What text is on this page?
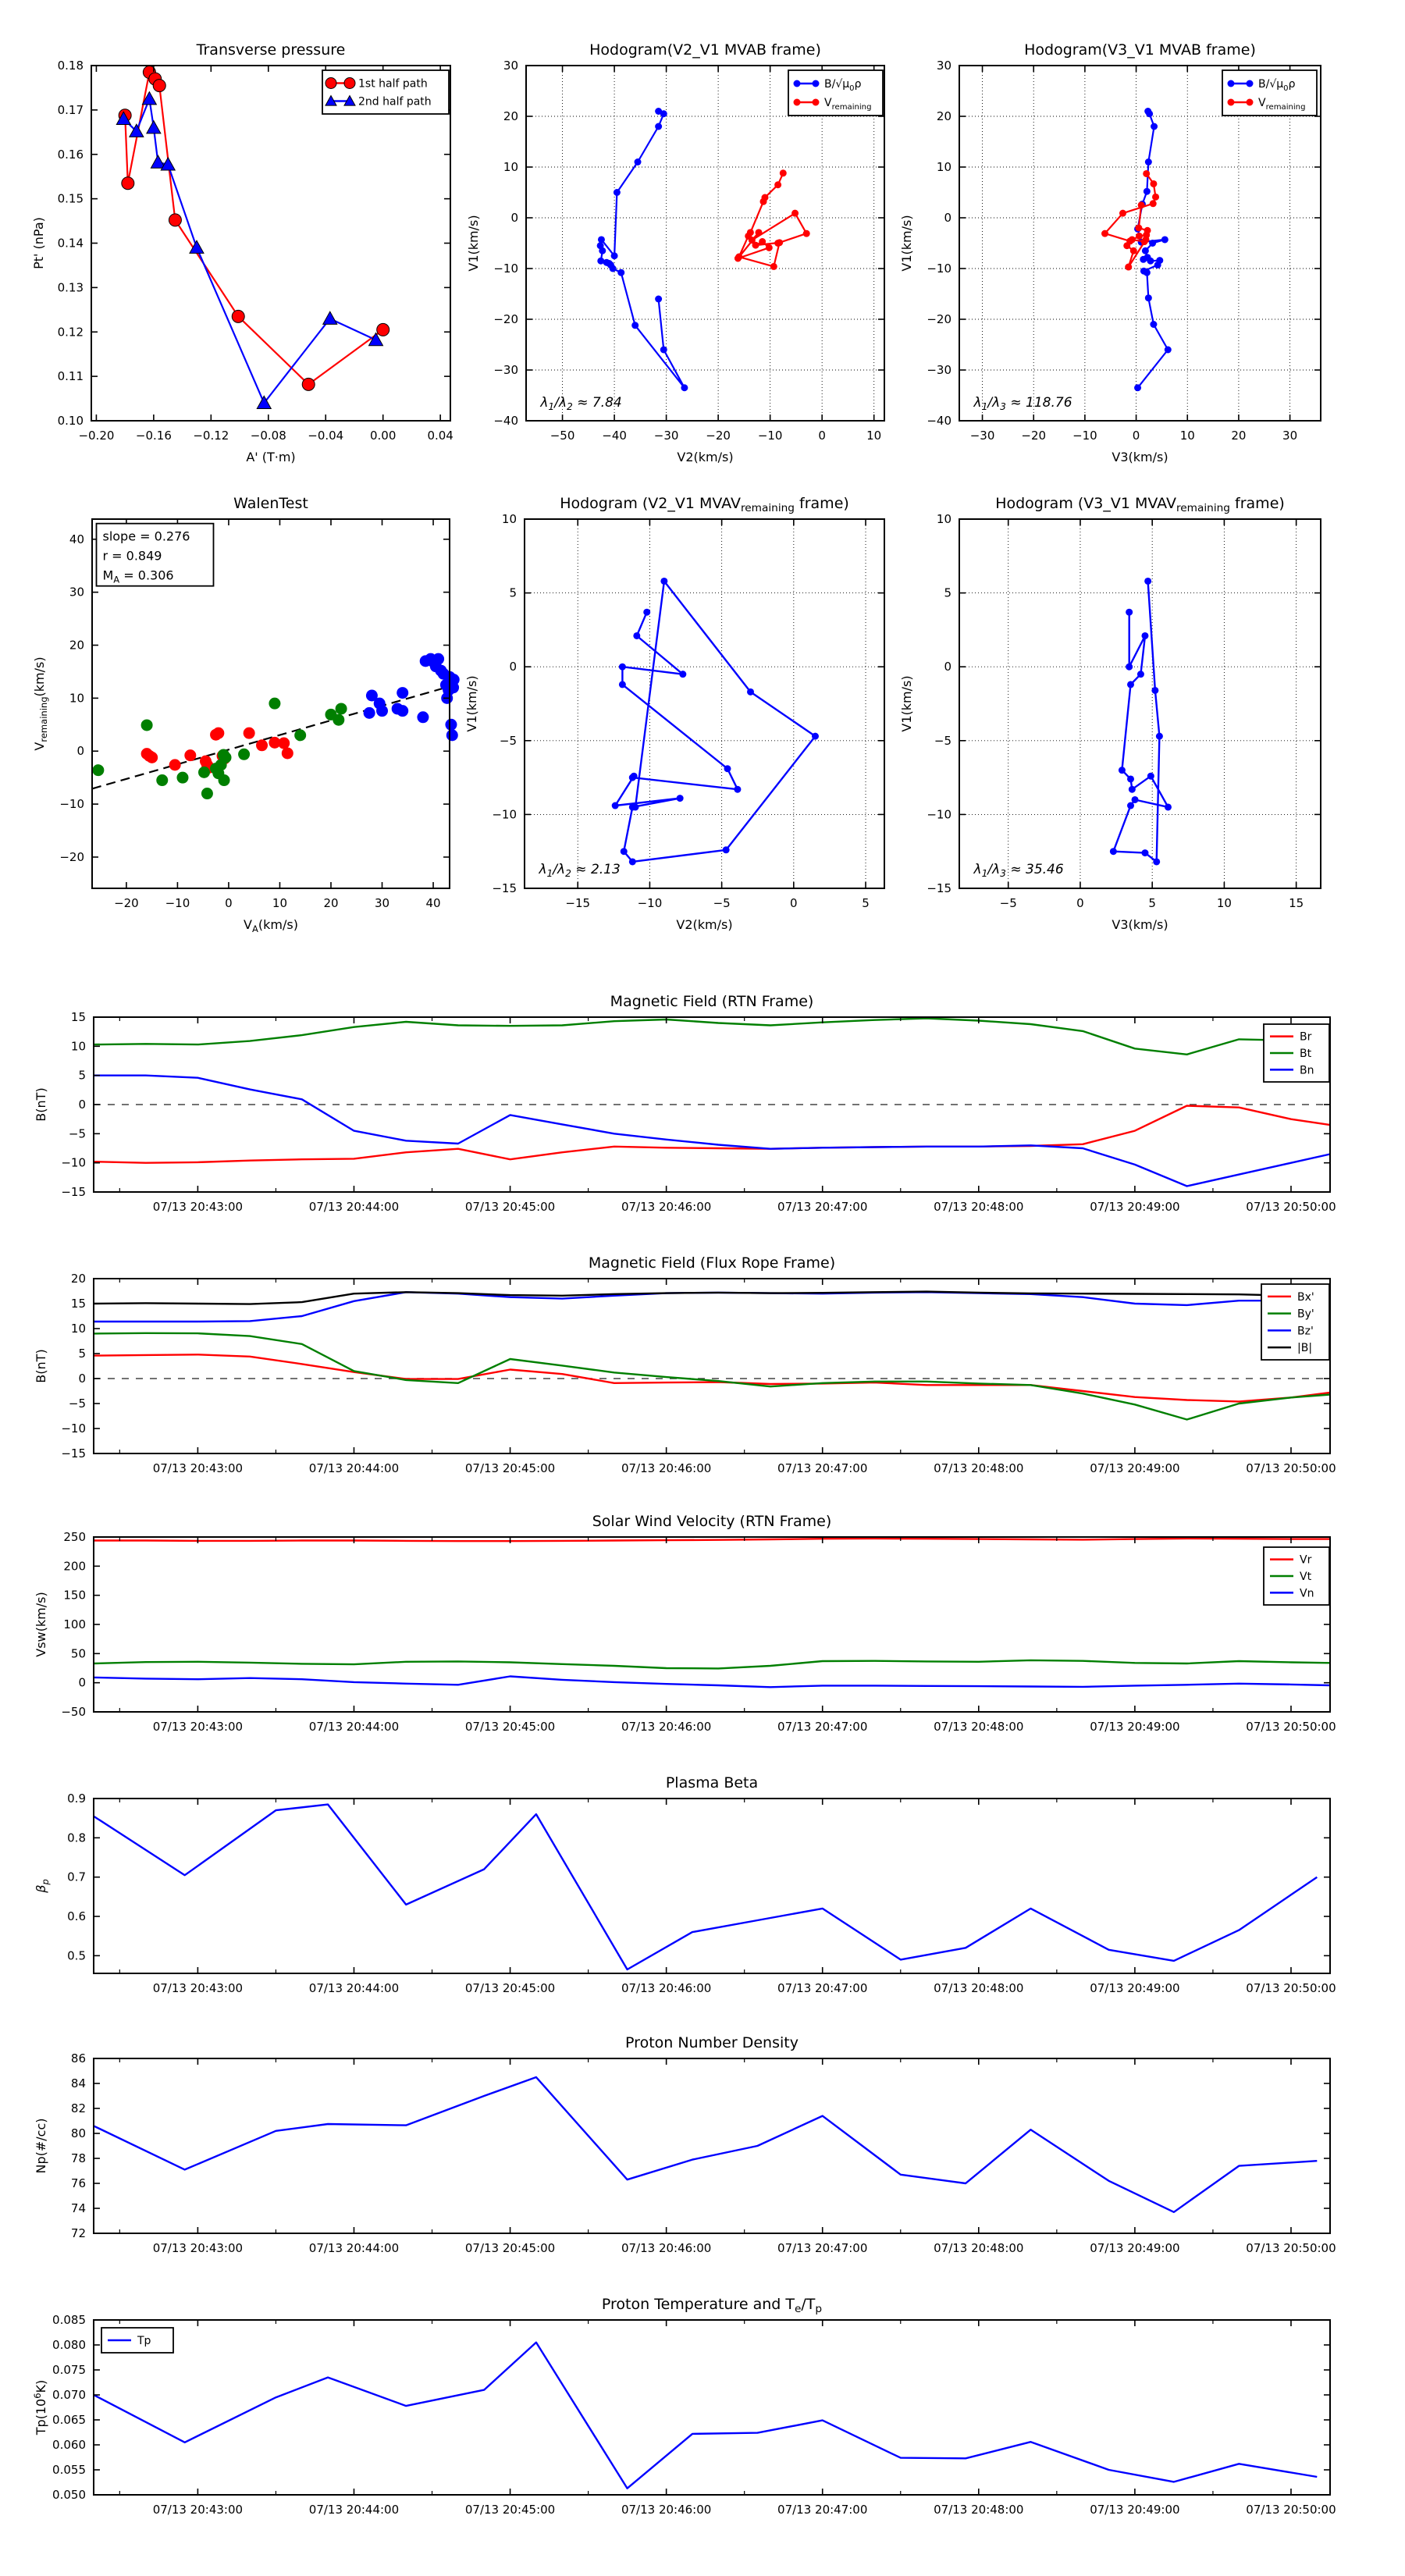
−0.20 −0.16 −0.12 −0.08 −0.04 0.00	0.04
0.10
0.11
0.12
0.13
0.14
0.15
0.16
0.17
0.18
Transverse pressure
A' (T·m)
Pt' (nPa)
1st half path
2nd half path
−50 −40 −30 −20 −10	0	10
−40
−30
−20
−10
0
10
20
30
Hodogram(V2_V1 MVAB frame)
V2(km/s)
V1(km/s)
$B/√\mu_0\rho$
$V_{remaining}$
$\lambda_1/\lambda_2 \approx 7.84$
−30 −20 −10	0	10	20	30
−40
−30
−20
−10
0
10
20
30
Hodogram(V3_V1 MVAB frame)
V3(km/s)
V1(km/s)
$B/√\mu_0\rho$
$V_{remaining}$
$\lambda_1/\lambda_3 \approx 118.76$
−20 −10	0	10	20	30	40
−20
−10
0
10
20
30
40
WalenTest
$V_A(km/s)$
$V_{remaining}(km/s)$
slope = 0.276
r = 0.849
$M_A = 0.306$
−15	−10	−5	0	5
−15
−10
−5
0
5
10
Hodogram (V2_V1 $MVAV_{remaining}$ frame)
V2(km/s)
V1(km/s)
$\lambda_1/\lambda_2 \approx 2.13$
−5	0	5	10	15
−15
−10
−5
0
5
10
Hodogram (V3_V1 $MVAV_{remaining}$ frame)
V3(km/s)
V1(km/s)
$\lambda_1/\lambda_3 \approx 35.46$
07/13 20:43:00	07/13 20:44:00	07/13 20:45:00	07/13 20:46:00	07/13 20:47:00	07/13 20:48:00	07/13 20:49:00	07/13 20:50:00
−15
−10
−5
0
5
10
15
Magnetic Field (RTN Frame)
B(nT)
Br
Bt
Bn
07/13 20:43:00	07/13 20:44:00	07/13 20:45:00	07/13 20:46:00	07/13 20:47:00	07/13 20:48:00	07/13 20:49:00	07/13 20:50:00
−15
−10
−5
0
5
10
15
20
Magnetic Field (Flux Rope Frame)
B(nT)
Bx'
By'
Bz'
|B|
07/13 20:43:00	07/13 20:44:00	07/13 20:45:00	07/13 20:46:00	07/13 20:47:00	07/13 20:48:00	07/13 20:49:00	07/13 20:50:00
−50
0
50
100
150
200
250
Solar Wind Velocity (RTN Frame)
Vsw(km/s)
Vr
Vt
Vn
07/13 20:43:00	07/13 20:44:00	07/13 20:45:00	07/13 20:46:00	07/13 20:47:00	07/13 20:48:00	07/13 20:49:00	07/13 20:50:00
0.5
0.6
0.7
0.8
0.9
Plasma Beta
$\beta_p$
07/13 20:43:00	07/13 20:44:00	07/13 20:45:00	07/13 20:46:00	07/13 20:47:00	07/13 20:48:00	07/13 20:49:00	07/13 20:50:00
72
74
76
78
80
82
84
86
Proton Number Density
Np(#/cc)
07/13 20:43:00	07/13 20:44:00	07/13 20:45:00	07/13 20:46:00	07/13 20:47:00	07/13 20:48:00	07/13 20:49:00	07/13 20:50:00
0.050
0.055
0.060
0.065
0.070
0.075
0.080
0.085
Proton Temperature and $T_e/T_p$
$Tp(10^6K)$
Tp
